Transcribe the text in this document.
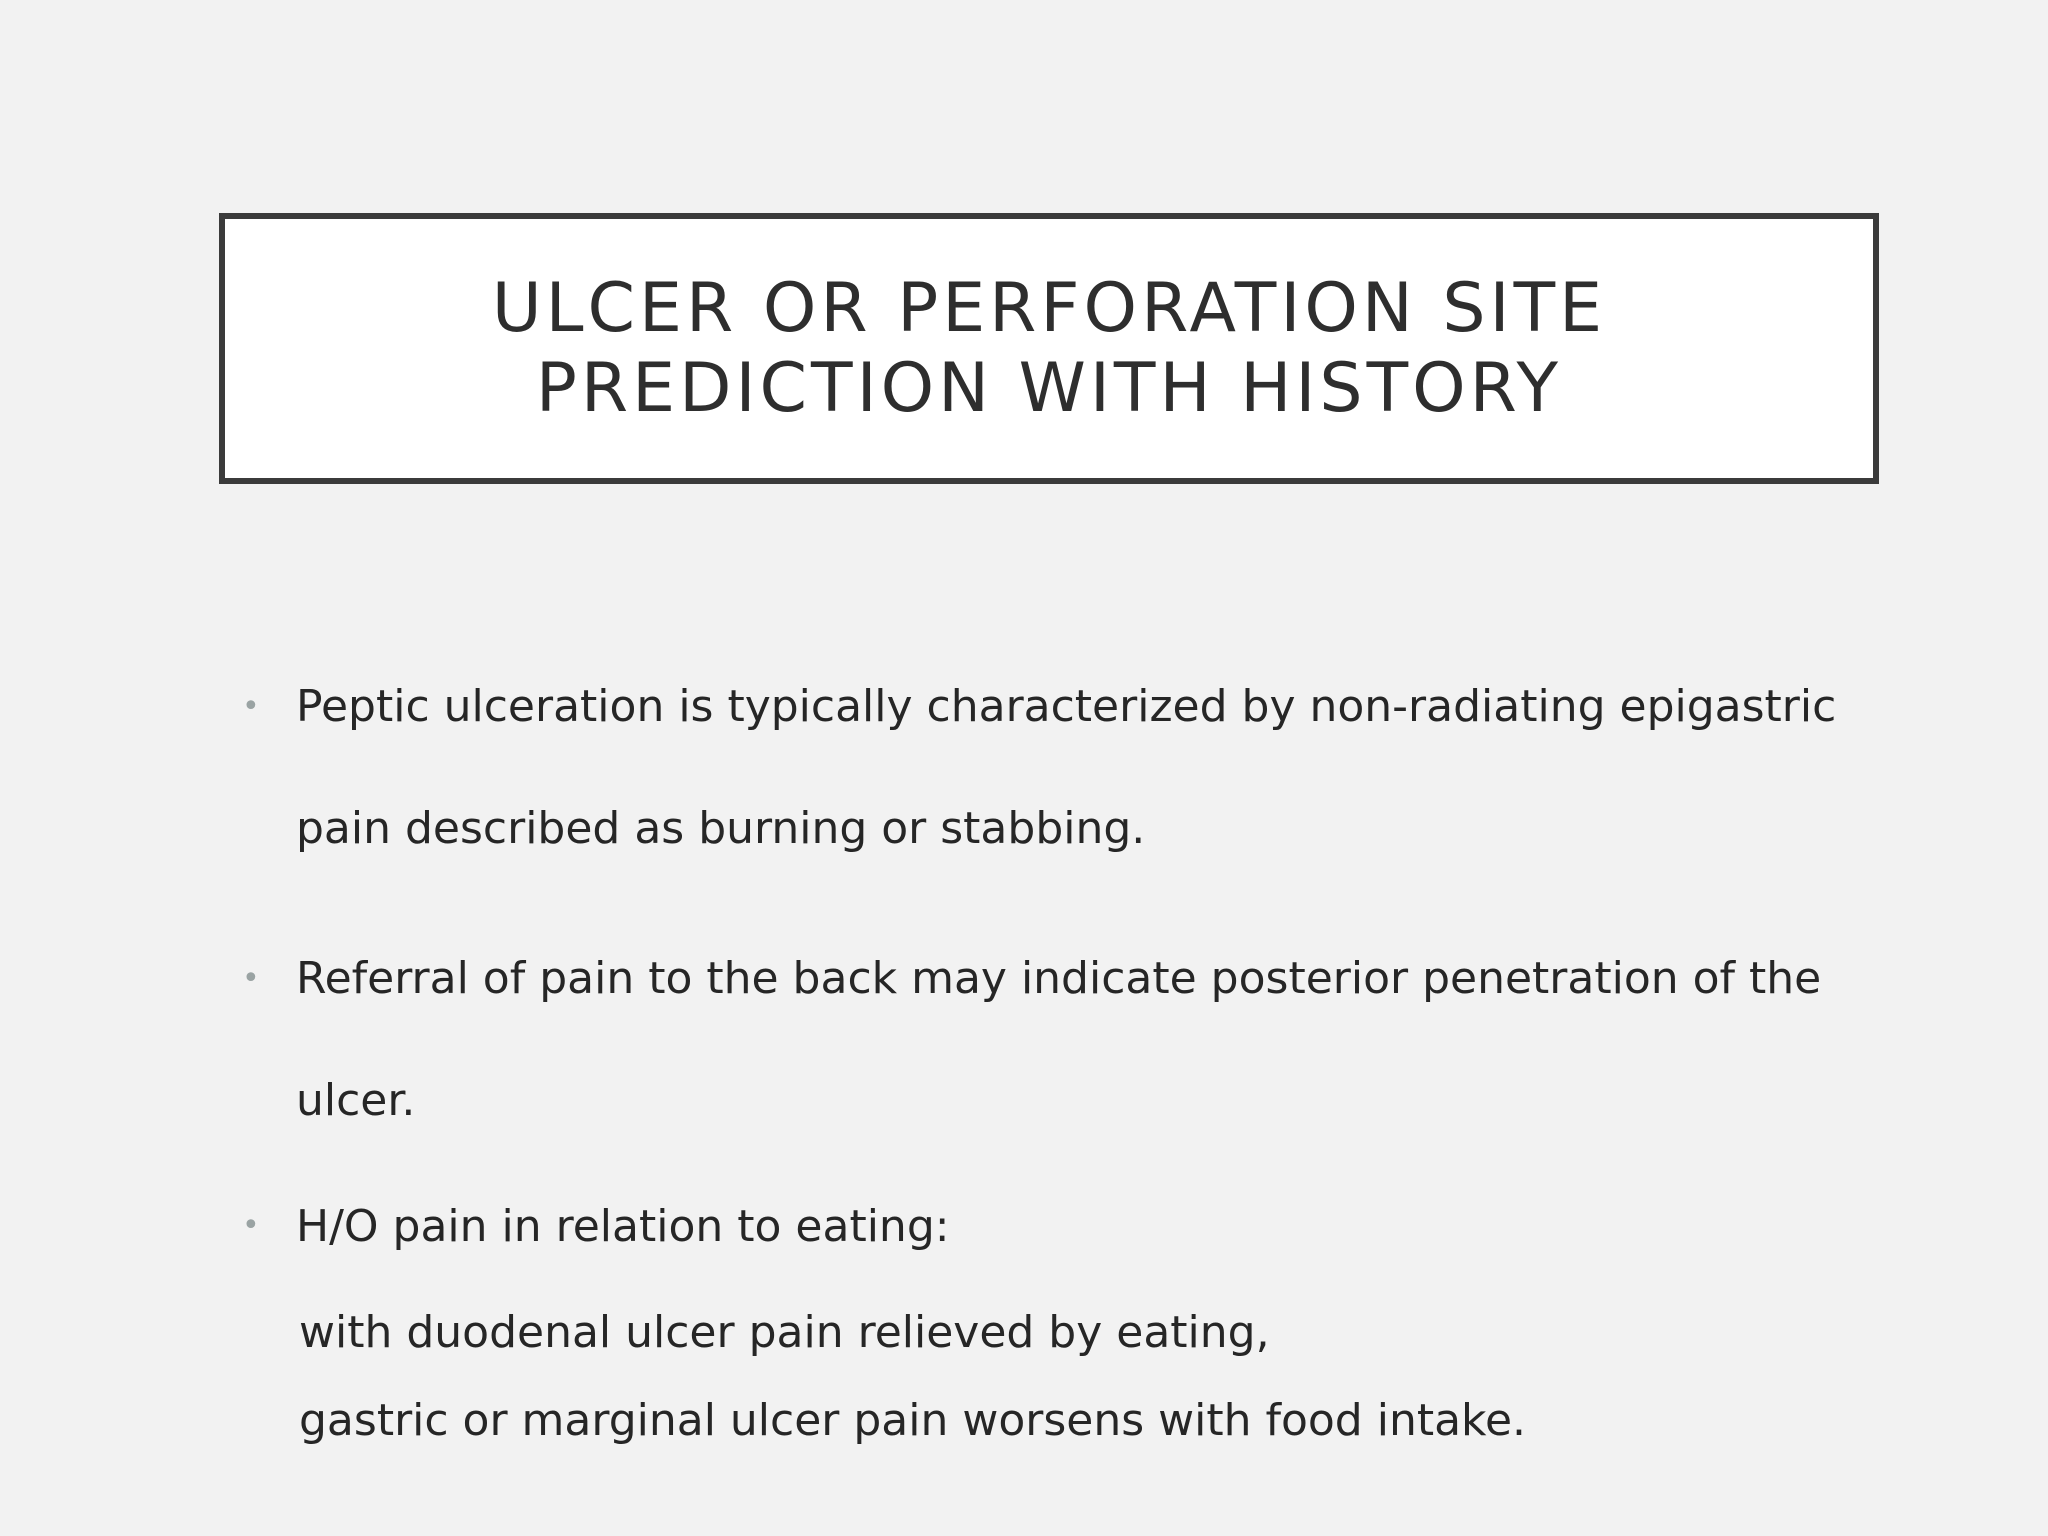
ULCER OR PERFORATION SITE
PREDICTION WITH HISTORY
• Peptic ulceration is typically characterized by non-radiating epigastric
pain described as burning or stabbing.
• Referral of pain to the back may indicate posterior penetration of the
ulcer.
• H/O pain in relation to eating:
with duodenal ulcer pain relieved by eating,
gastric or marginal ulcer pain worsens with food intake.
